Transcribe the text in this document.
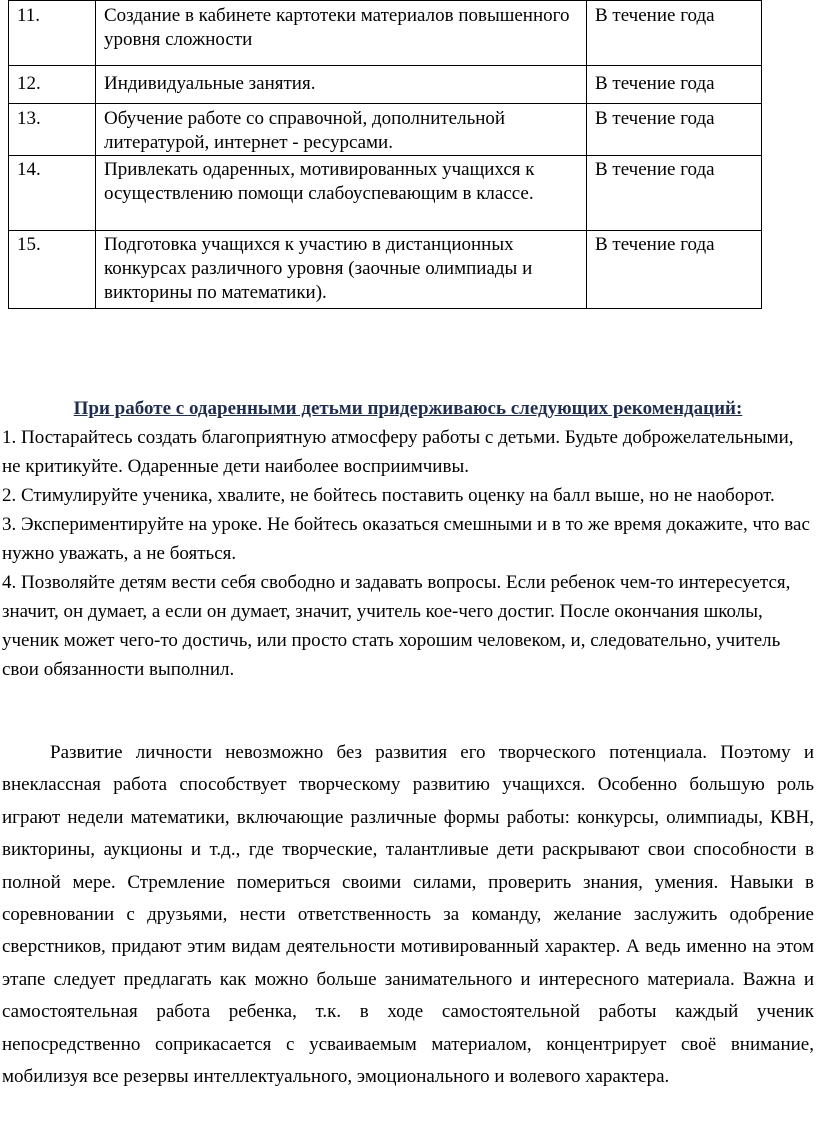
11.	Создание в кабинете картотеки материалов повышенного уровня сложности	В течение года
12.	Индивидуальные занятия.	В течение года
13.	Обучение работе со справочной, дополнительной литературой, интернет - ресурсами.	В течение года
14.	Привлекать одаренных, мотивированных учащихся к осуществлению помощи слабоуспевающим в классе.	В течение года
15.	Подготовка учащихся к участию в дистанционных конкурсах различного уровня (заочные олимпиады и викторины по математики).	В течение года

При работе с одаренными детьми придерживаюсь следующих рекомендаций:

1. Постарайтесь создать благоприятную атмосферу работы с детьми. Будьте доброжелательными, не критикуйте. Одаренные дети наиболее восприимчивы.

2. Стимулируйте ученика, хвалите, не бойтесь поставить оценку на балл выше, но не наоборот.

3. Экспериментируйте на уроке. Не бойтесь оказаться смешными и в то же время докажите, что вас нужно уважать, а не бояться.

4. Позволяйте детям вести себя свободно и задавать вопросы. Если ребенок чем-то интересуется, значит, он думает, а если он думает, значит, учитель кое-чего достиг. После окончания школы, ученик может чего-то достичь, или просто стать хорошим человеком, и, следовательно, учитель свои обязанности выполнил.

Развитие личности невозможно без развития его творческого потенциала. Поэтому и внеклассная работа способствует творческому развитию учащихся. Особенно большую роль играют недели математики, включающие различные формы работы: конкурсы, олимпиады, КВН, викторины, аукционы и т.д., где творческие, талантливые дети раскрывают свои способности в полной мере. Стремление помериться своими силами, проверить знания, умения. Навыки в соревновании с друзьями, нести ответственность за команду, желание заслужить одобрение сверстников, придают этим видам деятельности мотивированный характер. А ведь именно на этом этапе следует предлагать как можно больше занимательного и интересного материала. Важна и самостоятельная работа ребенка, т.к. в ходе самостоятельной работы каждый ученик непосредственно соприкасается с усваиваемым материалом, концентрирует своё внимание, мобилизуя все резервы интеллектуального, эмоционального и волевого характера.
